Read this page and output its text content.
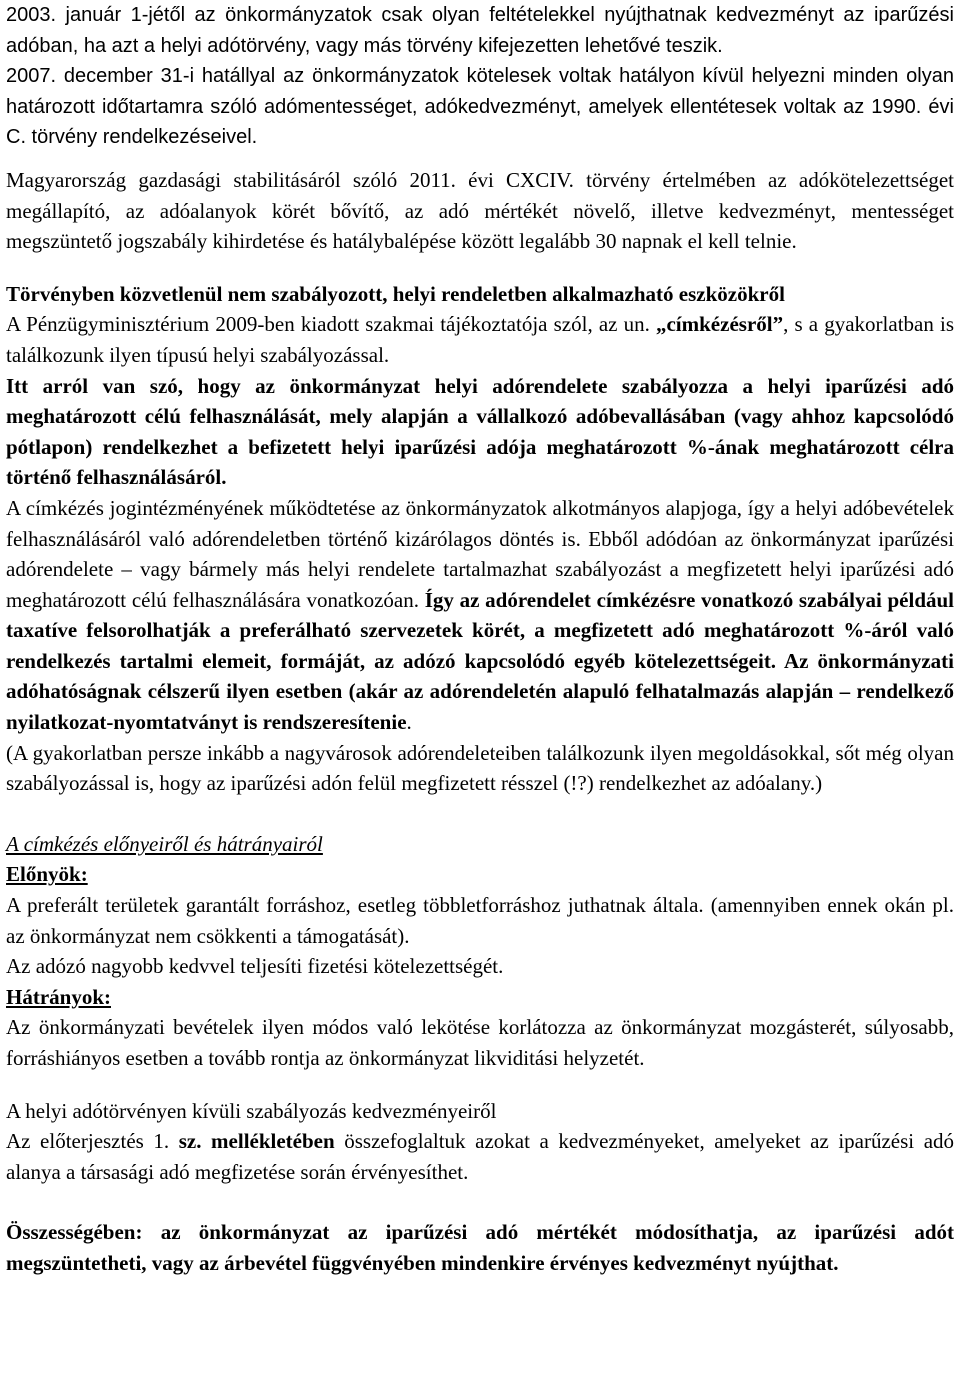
2003. január 1-jétől az önkormányzatok csak olyan feltételekkel nyújthatnak kedvezményt az iparűzési adóban, ha azt a helyi adótörvény, vagy más törvény kifejezetten lehetővé teszik.

2007. december 31-i hatállyal az önkormányzatok kötelesek voltak hatályon kívül helyezni minden olyan határozott időtartamra szóló adómentességet, adókedvezményt, amelyek ellentétesek voltak az 1990. évi C. törvény rendelkezéseivel.

Magyarország gazdasági stabilitásáról szóló 2011. évi CXCIV. törvény értelmében az adókötelezettséget megállapító, az adóalanyok körét bővítő, az adó mértékét növelő, illetve kedvezményt, mentességet megszüntető jogszabály kihirdetése és hatálybalépése között legalább 30 napnak el kell telnie.

Törvényben közvetlenül nem szabályozott, helyi rendeletben alkalmazható eszközökről

A Pénzügyminisztérium 2009-ben kiadott szakmai tájékoztatója szól, az un. „címkézésről”, s a gyakorlatban is találkozunk ilyen típusú helyi szabályozással.

Itt arról van szó, hogy az önkormányzat helyi adórendelete szabályozza a helyi iparűzési adó meghatározott célú felhasználását, mely alapján a vállalkozó adóbevallásában (vagy ahhoz kapcsolódó pótlapon) rendelkezhet a befizetett helyi iparűzési adója meghatározott %-ának meghatározott célra történő felhasználásáról.

A címkézés jogintézményének működtetése az önkormányzatok alkotmányos alapjoga, így a helyi adóbevételek felhasználásáról való adórendeletben történő kizárólagos döntés is. Ebből adódóan az önkormányzat iparűzési adórendelete – vagy bármely más helyi rendelete tartalmazhat szabályozást a megfizetett helyi iparűzési adó meghatározott célú felhasználására vonatkozóan. Így az adórendelet címkézésre vonatkozó szabályai például taxatíve felsorolhatják a preferálható szervezetek körét, a megfizetett adó meghatározott %-áról való rendelkezés tartalmi elemeit, formáját, az adózó kapcsolódó egyéb kötelezettségeit. Az önkormányzati adóhatóságnak célszerű ilyen esetben (akár az adórendeletén alapuló felhatalmazás alapján – rendelkező nyilatkozat-nyomtatványt is rendszeresítenie.

(A gyakorlatban persze inkább a nagyvárosok adórendeleteiben találkozunk ilyen megoldásokkal, sőt még olyan szabályozással is, hogy az iparűzési adón felül megfizetett résszel (!?) rendelkezhet az adóalany.)

A címkézés előnyeiről és hátrányairól

Előnyök:

A preferált területek garantált forráshoz, esetleg többletforráshoz juthatnak általa. (amennyiben ennek okán pl. az önkormányzat nem csökkenti a támogatását).

Az adózó nagyobb kedvvel teljesíti fizetési kötelezettségét.

Hátrányok:

Az önkormányzati bevételek ilyen módos való lekötése korlátozza az önkormányzat mozgásterét, súlyosabb, forráshiányos esetben a tovább rontja az önkormányzat likviditási helyzetét.

A helyi adótörvényen kívüli szabályozás kedvezményeiről

Az előterjesztés 1. sz. mellékletében összefoglaltuk azokat a kedvezményeket, amelyeket az iparűzési adó alanya a társasági adó megfizetése során érvényesíthet.

Összességében: az önkormányzat az iparűzési adó mértékét módosíthatja, az iparűzési adót megszüntetheti, vagy az árbevétel függvényében mindenkire érvényes kedvezményt nyújthat.
